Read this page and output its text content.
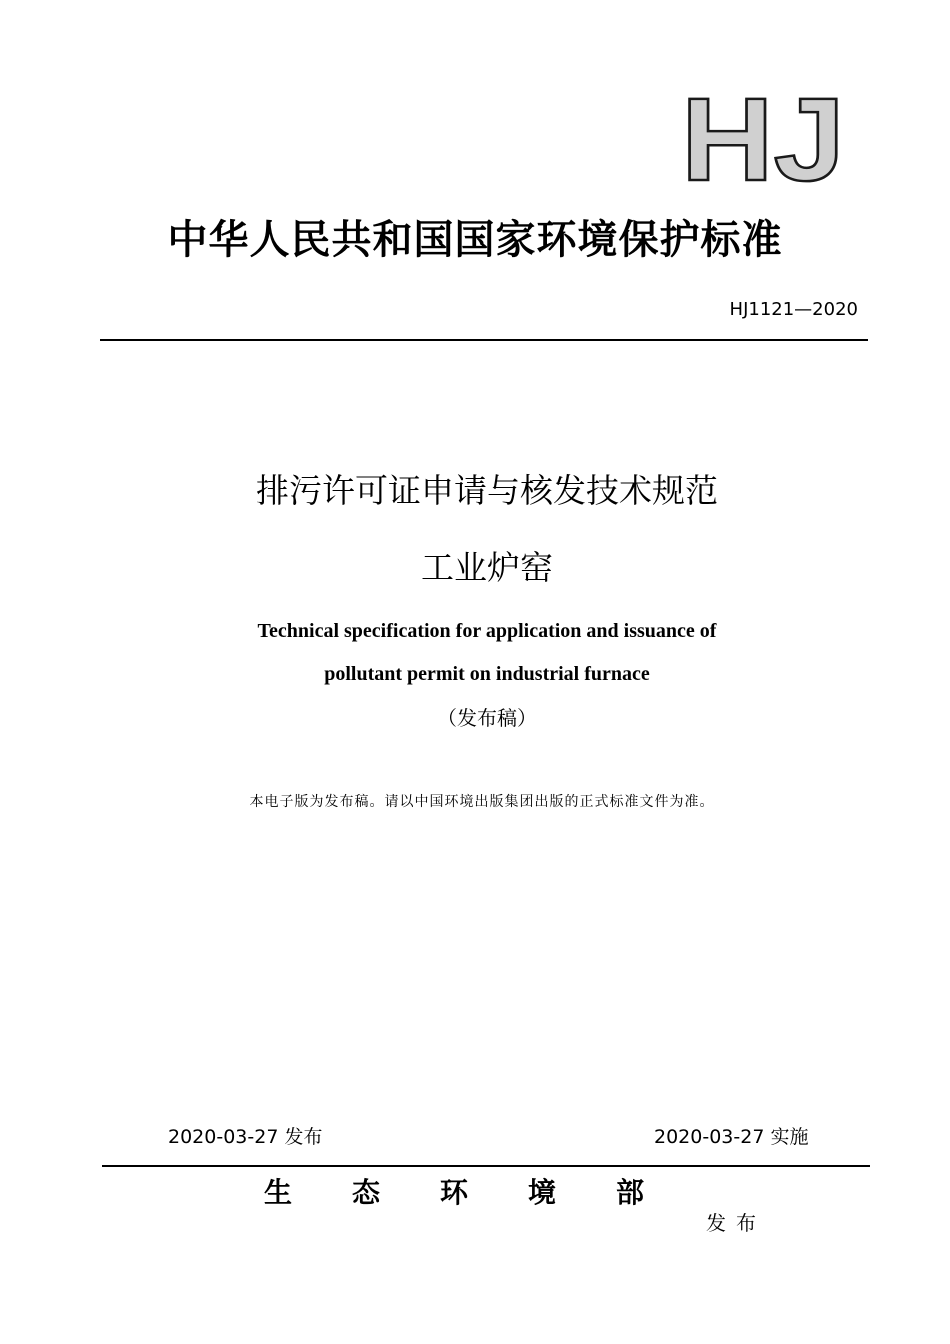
HJ
中华人民共和国国家环境保护标准
HJ1121—2020
排污许可证申请与核发技术规范
工业炉窑
Technical specification for application and issuance of
pollutant permit on industrial furnace
（发布稿）
本电子版为发布稿。请以中国环境出版集团出版的正式标准文件为准。
2020-03-27 发布	2020-03-27 实施
生态环境部
发布
